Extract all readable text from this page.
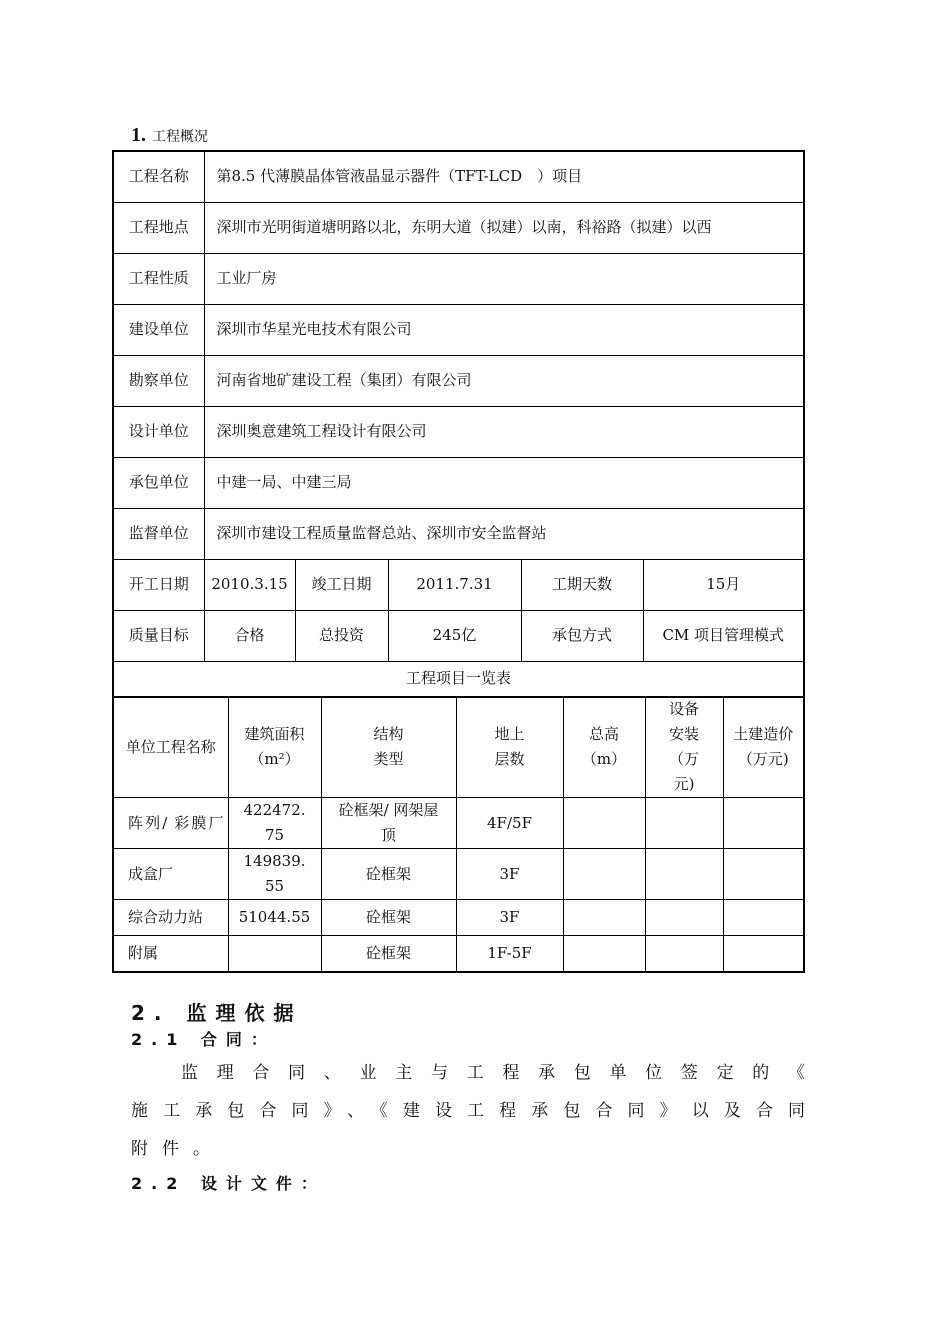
1. 工程概况
工程名称	第8.5 代薄膜晶体管液晶显示器件（TFT-LCD　）项目				
工程地点	深圳市光明街道塘明路以北，东明大道（拟建）以南，科裕路（拟建）以西				
工程性质	工业厂房				
建设单位	深圳市华星光电技术有限公司				
勘察单位	河南省地矿建设工程（集团）有限公司				
设计单位	深圳奥意建筑工程设计有限公司				
承包单位	中建一局、中建三局				
监督单位	深圳市建设工程质量监督总站、深圳市安全监督站				
开工日期	2010.3.15	竣工日期	2011.7.31	工期天数	15月
质量目标	合格	总投资	245亿	承包方式	CM 项目管理模式
工程项目一览表					
单位工程名称	建筑面积（m²）	结构类型	地上层数	总高（m）	设备安装（万元)	土建造价（万元)
阵列/ 彩膜厂	422472.75	砼框架/ 网架屋顶	4F/5F			
成盒厂	149839.55	砼框架	3F			
综合动力站	51044.55	砼框架	3F			
附属		砼框架	1F-5F			
2. 监理依据
2.1 合同：
监理合同、业主与工程承包单位签定的《
施工承包合同》、《建设工程承包合同》以及合同
附件。
2.2 设计文件：
